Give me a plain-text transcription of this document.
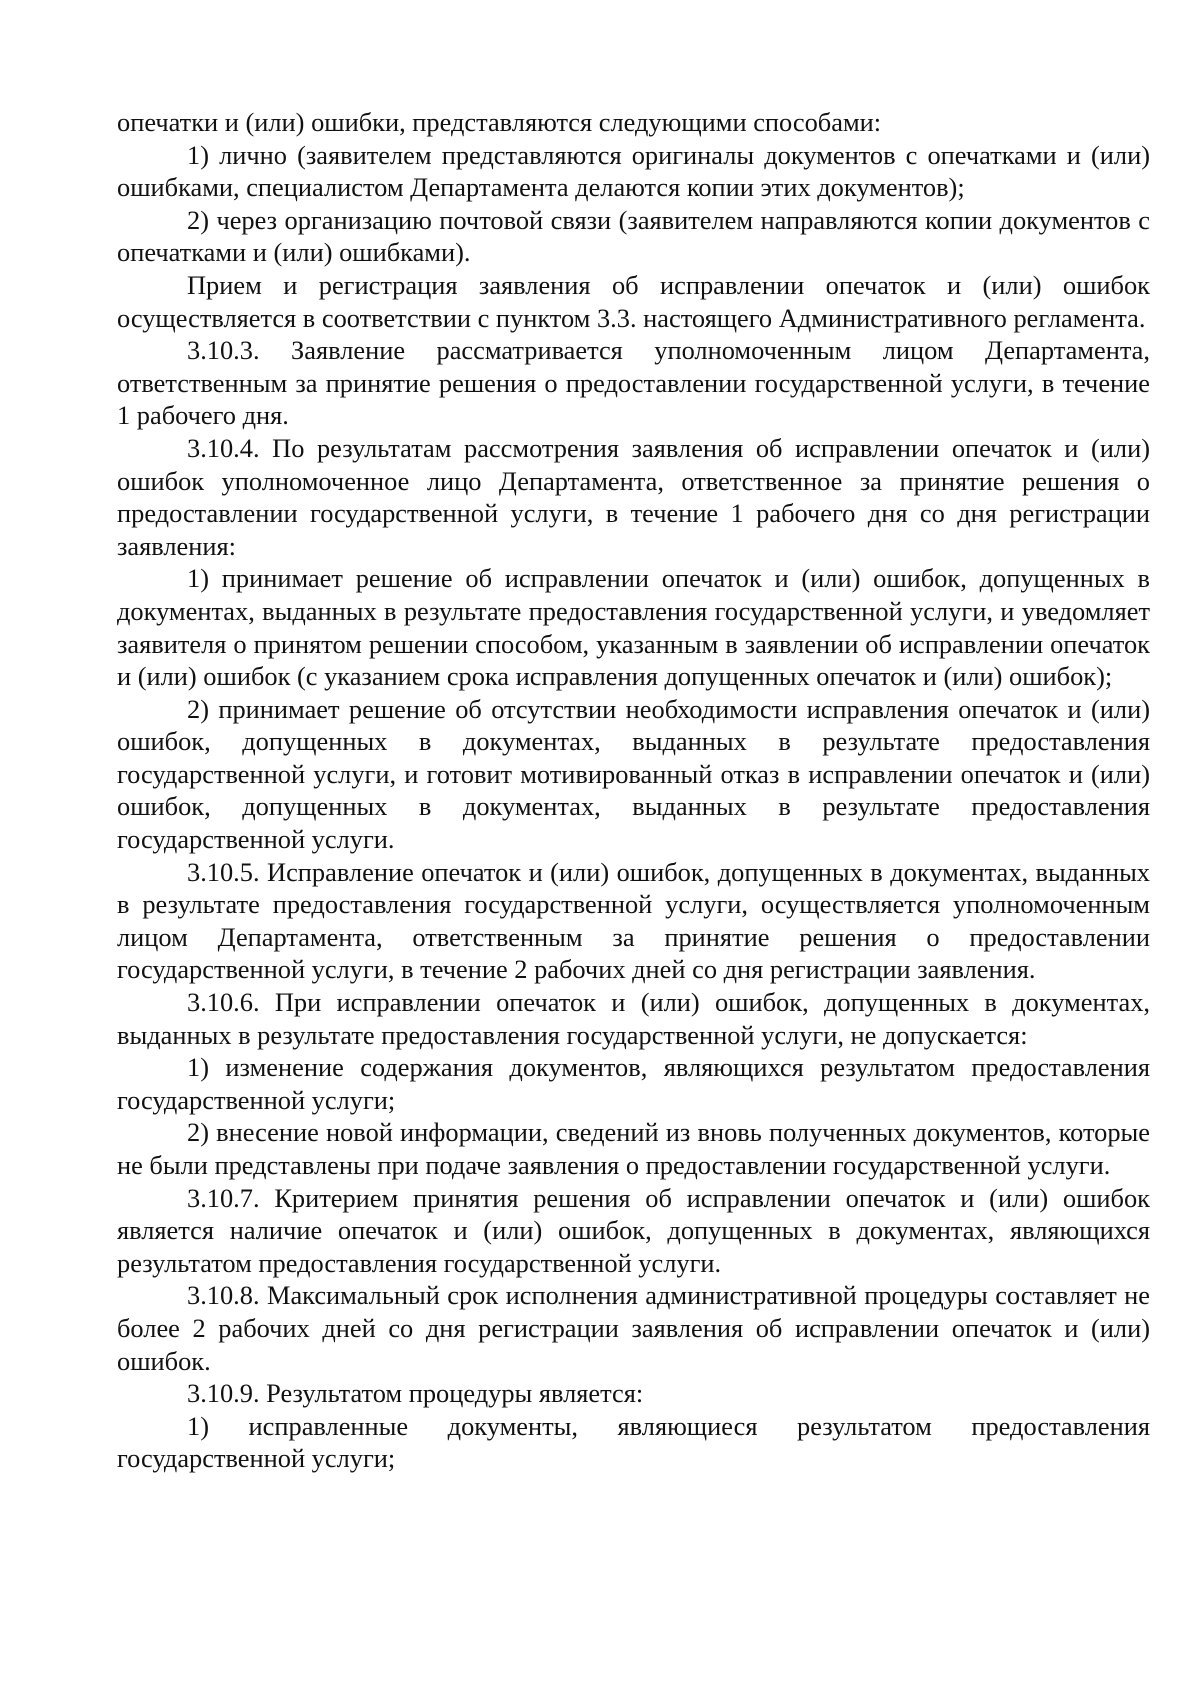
опечатки и (или) ошибки, представляются следующими способами:

1) лично (заявителем представляются оригиналы документов с опечатками и (или) ошибками, специалистом Департамента делаются копии этих документов);

2) через организацию почтовой связи (заявителем направляются копии документов с опечатками и (или) ошибками).

Прием и регистрация заявления об исправлении опечаток и (или) ошибок осуществляется в соответствии с пунктом 3.3. настоящего Административного регламента.

3.10.3. Заявление рассматривается уполномоченным лицом Департамента, ответственным за принятие решения о предоставлении государственной услуги, в течение 1 рабочего дня.

3.10.4. По результатам рассмотрения заявления об исправлении опечаток и (или) ошибок уполномоченное лицо Департамента, ответственное за принятие решения о предоставлении государственной услуги, в течение 1 рабочего дня со дня регистрации заявления:

1) принимает решение об исправлении опечаток и (или) ошибок, допущенных в документах, выданных в результате предоставления государственной услуги, и уведомляет заявителя о принятом решении способом, указанным в заявлении об исправлении опечаток и (или) ошибок (с указанием срока исправления допущенных опечаток и (или) ошибок);

2) принимает решение об отсутствии необходимости исправления опечаток и (или) ошибок, допущенных в документах, выданных в результате предоставления государственной услуги, и готовит мотивированный отказ в исправлении опечаток и (или) ошибок, допущенных в документах, выданных в результате предоставления государственной услуги.

3.10.5. Исправление опечаток и (или) ошибок, допущенных в документах, выданных в результате предоставления государственной услуги, осуществляется уполномоченным лицом Департамента, ответственным за принятие решения о предоставлении государственной услуги, в течение 2 рабочих дней со дня регистрации заявления.

3.10.6. При исправлении опечаток и (или) ошибок, допущенных в документах, выданных в результате предоставления государственной услуги, не допускается:

1) изменение содержания документов, являющихся результатом предоставления государственной услуги;

2) внесение новой информации, сведений из вновь полученных документов, которые не были представлены при подаче заявления о предоставлении государственной услуги.

3.10.7. Критерием принятия решения об исправлении опечаток и (или) ошибок является наличие опечаток и (или) ошибок, допущенных в документах, являющихся результатом предоставления государственной услуги.

3.10.8. Максимальный срок исполнения административной процедуры составляет не более 2 рабочих дней со дня регистрации заявления об исправлении опечаток и (или) ошибок.

3.10.9. Результатом процедуры является:

1) исправленные документы, являющиеся результатом предоставления государственной услуги;
